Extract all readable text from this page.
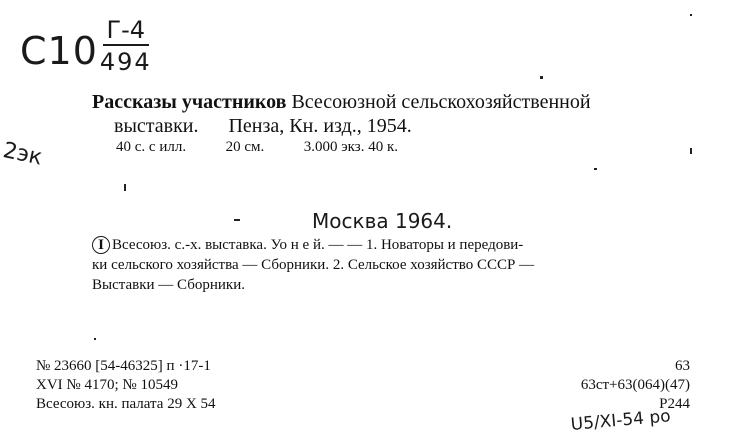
$С10 \frac{Г-4}{494}$
2эк
Рассказы участников Всесоюзной сельскохозяйственной
выставки. Пенза, Кн. изд., 1954.
40 с. с илл.	20 см.	3.000 экз. 40 к.
Москва 1964.
I Всесоюз. с.-х. выставка. Уо н е й. — — 1. Новаторы и передови-
ки сельского хозяйства — Сборники. 2. Сельское хозяйство СССР —
Выставки — Сборники.
№ 23660 [54-46325] п ·17-1
XVI № 4170; № 10549
Всесоюз. кн. палата 29 X 54
63
63ст+63(064)(47)
Р244
U5/XI-54 ро
